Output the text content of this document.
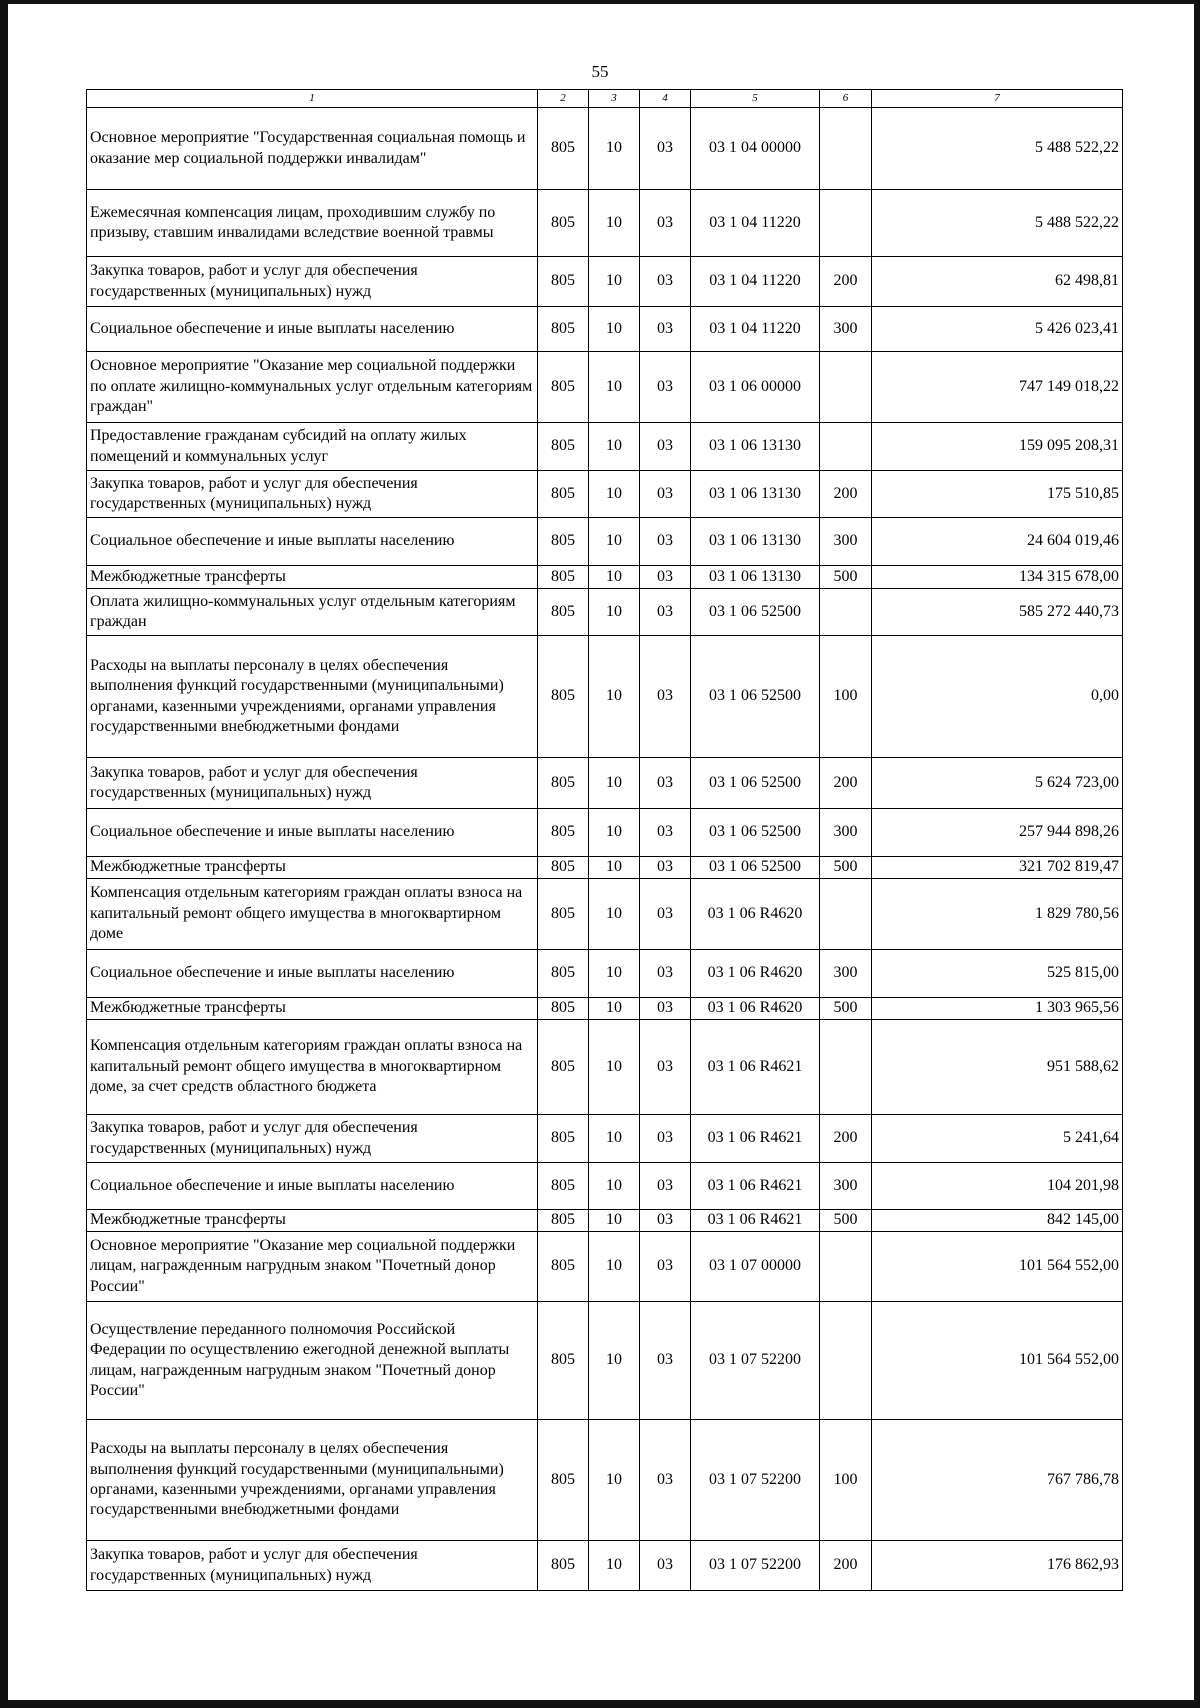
55
1	2	3	4	5	6	7
Основное мероприятие "Государственная социальная помощь и оказание мер социальной поддержки инвалидам"	805	10	03	03 1 04 00000		5 488 522,22
Ежемесячная компенсация лицам, проходившим службу по призыву, ставшим инвалидами вследствие военной травмы	805	10	03	03 1 04 11220		5 488 522,22
Закупка товаров, работ и услуг для обеспечения государственных (муниципальных) нужд	805	10	03	03 1 04 11220	200	62 498,81
Социальное обеспечение и иные выплаты населению	805	10	03	03 1 04 11220	300	5 426 023,41
Основное мероприятие "Оказание мер социальной поддержки по оплате жилищно-коммунальных услуг отдельным категориям граждан"	805	10	03	03 1 06 00000		747 149 018,22
Предоставление гражданам субсидий на оплату жилых помещений и коммунальных услуг	805	10	03	03 1 06 13130		159 095 208,31
Закупка товаров, работ и услуг для обеспечения государственных (муниципальных) нужд	805	10	03	03 1 06 13130	200	175 510,85
Социальное обеспечение и иные выплаты населению	805	10	03	03 1 06 13130	300	24 604 019,46
Межбюджетные трансферты	805	10	03	03 1 06 13130	500	134 315 678,00
Оплата жилищно-коммунальных услуг отдельным категориям граждан	805	10	03	03 1 06 52500		585 272 440,73
Расходы на выплаты персоналу в целях обеспечения выполнения функций государственными (муниципальными) органами, казенными учреждениями, органами управления государственными внебюджетными фондами	805	10	03	03 1 06 52500	100	0,00
Закупка товаров, работ и услуг для обеспечения государственных (муниципальных) нужд	805	10	03	03 1 06 52500	200	5 624 723,00
Социальное обеспечение и иные выплаты населению	805	10	03	03 1 06 52500	300	257 944 898,26
Межбюджетные трансферты	805	10	03	03 1 06 52500	500	321 702 819,47
Компенсация отдельным категориям граждан оплаты взноса на капитальный ремонт общего имущества в многоквартирном доме	805	10	03	03 1 06 R4620		1 829 780,56
Социальное обеспечение и иные выплаты населению	805	10	03	03 1 06 R4620	300	525 815,00
Межбюджетные трансферты	805	10	03	03 1 06 R4620	500	1 303 965,56
Компенсация отдельным категориям граждан оплаты взноса на капитальный ремонт общего имущества в многоквартирном доме, за счет средств областного бюджета	805	10	03	03 1 06 R4621		951 588,62
Закупка товаров, работ и услуг для обеспечения государственных (муниципальных) нужд	805	10	03	03 1 06 R4621	200	5 241,64
Социальное обеспечение и иные выплаты населению	805	10	03	03 1 06 R4621	300	104 201,98
Межбюджетные трансферты	805	10	03	03 1 06 R4621	500	842 145,00
Основное мероприятие "Оказание мер социальной поддержки лицам, награжденным нагрудным знаком "Почетный донор России"	805	10	03	03 1 07 00000		101 564 552,00
Осуществление переданного полномочия Российской Федерации по осуществлению ежегодной денежной выплаты лицам, награжденным нагрудным знаком "Почетный донор России"	805	10	03	03 1 07 52200		101 564 552,00
Расходы на выплаты персоналу в целях обеспечения выполнения функций государственными (муниципальными) органами, казенными учреждениями, органами управления государственными внебюджетными фондами	805	10	03	03 1 07 52200	100	767 786,78
Закупка товаров, работ и услуг для обеспечения государственных (муниципальных) нужд	805	10	03	03 1 07 52200	200	176 862,93
